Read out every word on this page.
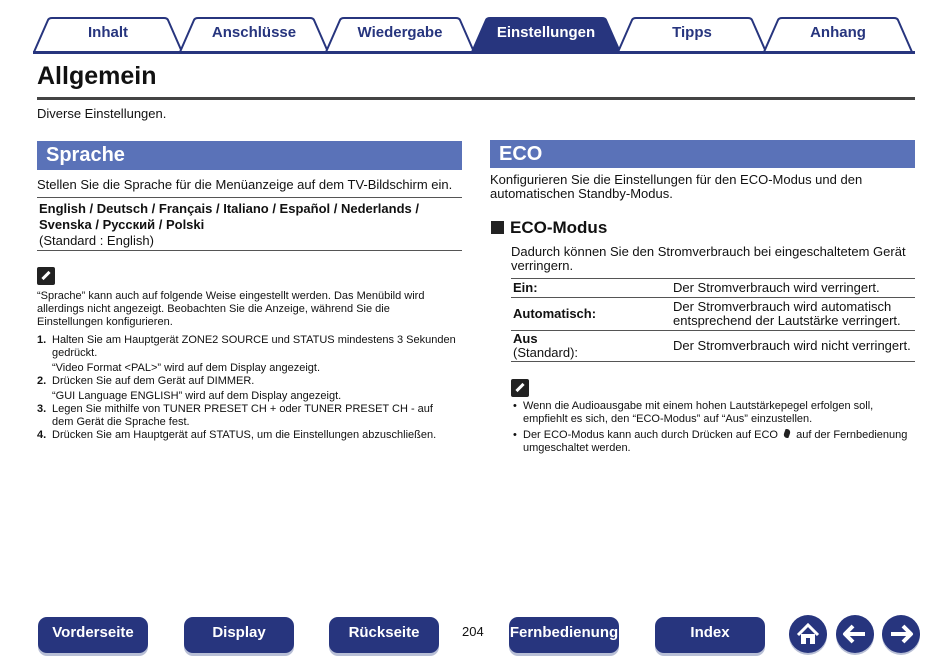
Inhalt	Anschlüsse	Wiedergabe	Einstellungen	Tipps	Anhang
Allgemein
Diverse Einstellungen.
Sprache
Stellen Sie die Sprache für die Menüanzeige auf dem TV-Bildschirm ein.
English / Deutsch / Français / Italiano / Español / Nederlands /
Svenska / Русский / Polski
(Standard : English)
“Sprache” kann auch auf folgende Weise eingestellt werden. Das Menübild wird allerdings nicht angezeigt. Beobachten Sie die Anzeige, während Sie die Einstellungen konfigurieren.
1. Halten Sie am Hauptgerät ZONE2 SOURCE und STATUS mindestens 3 Sekunden gedrückt.
“Video Format <PAL>” wird auf dem Display angezeigt.
2. Drücken Sie auf dem Gerät auf DIMMER.
“GUI Language ENGLISH” wird auf dem Display angezeigt.
3. Legen Sie mithilfe von TUNER PRESET CH + oder TUNER PRESET CH - auf dem Gerät die Sprache fest.
4. Drücken Sie am Hauptgerät auf STATUS, um die Einstellungen abzuschließen.
ECO
Konfigurieren Sie die Einstellungen für den ECO-Modus und den automatischen Standby-Modus.
ECO-Modus
Dadurch können Sie den Stromverbrauch bei eingeschaltetem Gerät verringern.
Ein:	Der Stromverbrauch wird verringert.
Automatisch:	Der Stromverbrauch wird automatisch entsprechend der Lautstärke verringert.

Aus
(Standard):	Der Stromverbrauch wird nicht verringert.
• Wenn die Audioausgabe mit einem hohen Lautstärkepegel erfolgen soll, empfiehlt es sich, den “ECO-Modus” auf “Aus” einzustellen.
• Der ECO-Modus kann auch durch Drücken auf ECO auf der Fernbedienung umgeschaltet werden.
Vorderseite	Display	Rückseite	204 Fernbedienung	Index
